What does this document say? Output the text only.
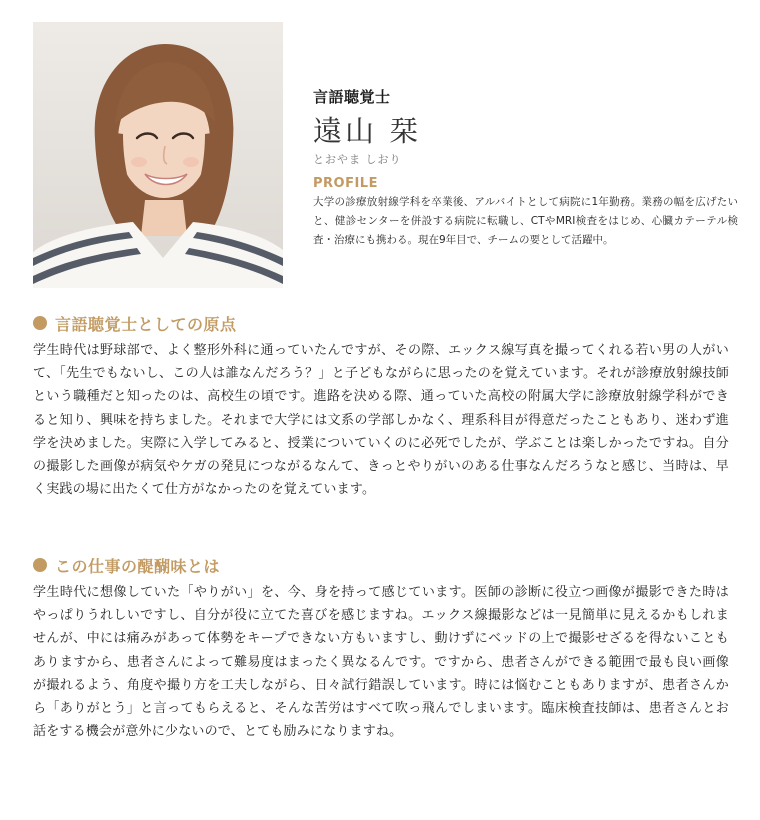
言語聴覚士

遠山 栞

とおやま しおり

PROFILE

大学の診療放射線学科を卒業後、アルバイトとして病院に1年勤務。業務の幅を広げたいと、健診センターを併設する病院に転職し、CTやMRI検査をはじめ、心臓カテーテル検査・治療にも携わる。現在9年目で、チームの要として活躍中。

言語聴覚士としての原点

学生時代は野球部で、よく整形外科に通っていたんですが、その際、エックス線写真を撮ってくれる若い男の人がいて、「先生でもないし、この人は誰なんだろう？」と子どもながらに思ったのを覚えています。それが診療放射線技師という職種だと知ったのは、高校生の頃です。進路を決める際、通っていた高校の附属大学に診療放射線学科ができると知り、興味を持ちました。それまで大学には文系の学部しかなく、理系科目が得意だったこともあり、迷わず進学を決めました。実際に入学してみると、授業についていくのに必死でしたが、学ぶことは楽しかったですね。自分の撮影した画像が病気やケガの発見につながるなんて、きっとやりがいのある仕事なんだろうなと感じ、当時は、早く実践の場に出たくて仕方がなかったのを覚えています。

この仕事の醍醐味とは

学生時代に想像していた「やりがい」を、今、身を持って感じています。医師の診断に役立つ画像が撮影できた時はやっぱりうれしいですし、自分が役に立てた喜びを感じますね。エックス線撮影などは一見簡単に見えるかもしれませんが、中には痛みがあって体勢をキープできない方もいますし、動けずにベッドの上で撮影せざるを得ないこともありますから、患者さんによって難易度はまったく異なるんです。ですから、患者さんができる範囲で最も良い画像が撮れるよう、角度や撮り方を工夫しながら、日々試行錯誤しています。時には悩むこともありますが、患者さんから「ありがとう」と言ってもらえると、そんな苦労はすべて吹っ飛んでしまいます。臨床検査技師は、患者さんとお話をする機会が意外に少ないので、とても励みになりますね。
